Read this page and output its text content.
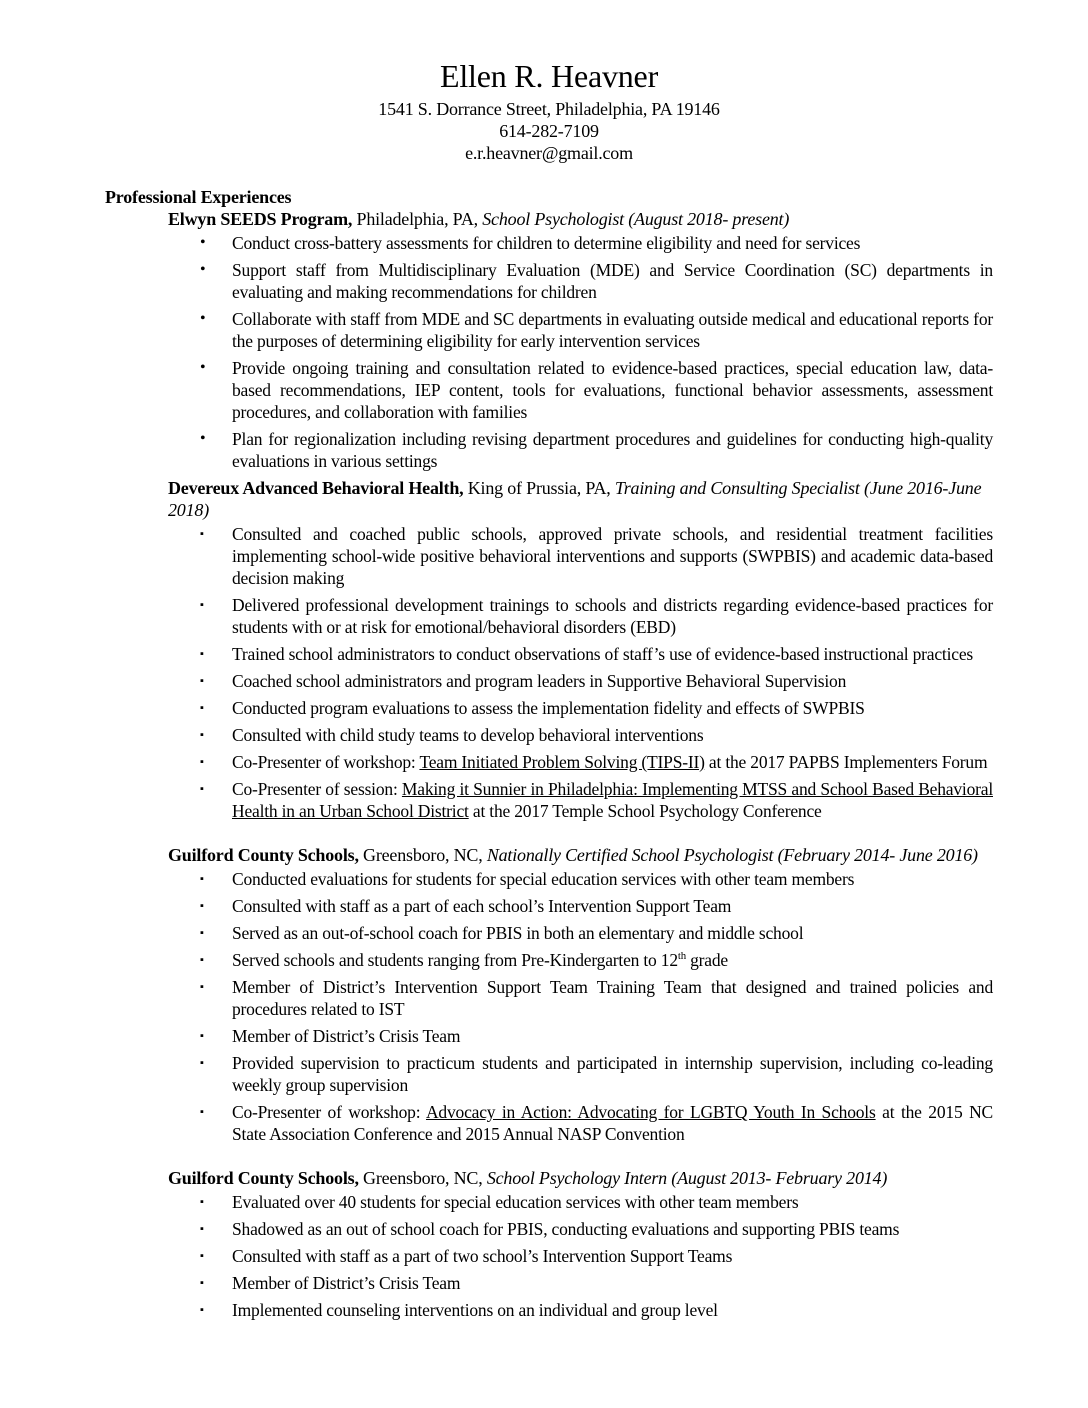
Ellen R. Heavner
1541 S. Dorrance Street, Philadelphia, PA 19146
614-282-7109
e.r.heavner@gmail.com
Professional Experiences
Elwyn SEEDS Program, Philadelphia, PA, School Psychologist (August 2018- present)
• Conduct cross-battery assessments for children to determine eligibility and need for services
• Support staff from Multidisciplinary Evaluation (MDE) and Service Coordination (SC) departments in evaluating and making recommendations for children
• Collaborate with staff from MDE and SC departments in evaluating outside medical and educational reports for the purposes of determining eligibility for early intervention services
• Provide ongoing training and consultation related to evidence-based practices, special education law, data-based recommendations, IEP content, tools for evaluations, functional behavior assessments, assessment procedures, and collaboration with families
• Plan for regionalization including revising department procedures and guidelines for conducting high-quality evaluations in various settings
Devereux Advanced Behavioral Health, King of Prussia, PA, Training and Consulting Specialist (June 2016-June 2018)
▪ Consulted and coached public schools, approved private schools, and residential treatment facilities implementing school-wide positive behavioral interventions and supports (SWPBIS) and academic data-based decision making
▪ Delivered professional development trainings to schools and districts regarding evidence-based practices for students with or at risk for emotional/behavioral disorders (EBD)
▪ Trained school administrators to conduct observations of staff’s use of evidence-based instructional practices
▪ Coached school administrators and program leaders in Supportive Behavioral Supervision
▪ Conducted program evaluations to assess the implementation fidelity and effects of SWPBIS
▪ Consulted with child study teams to develop behavioral interventions
▪ Co-Presenter of workshop: Team Initiated Problem Solving (TIPS-II) at the 2017 PAPBS Implementers Forum
▪ Co-Presenter of session: Making it Sunnier in Philadelphia: Implementing MTSS and School Based Behavioral Health in an Urban School District at the 2017 Temple School Psychology Conference
Guilford County Schools, Greensboro, NC, Nationally Certified School Psychologist (February 2014- June 2016)
▪ Conducted evaluations for students for special education services with other team members
▪ Consulted with staff as a part of each school’s Intervention Support Team
▪ Served as an out-of-school coach for PBIS in both an elementary and middle school
▪ Served schools and students ranging from Pre-Kindergarten to 12th grade
▪ Member of District’s Intervention Support Team Training Team that designed and trained policies and procedures related to IST
▪ Member of District’s Crisis Team
▪ Provided supervision to practicum students and participated in internship supervision, including co-leading weekly group supervision
▪ Co-Presenter of workshop: Advocacy in Action: Advocating for LGBTQ Youth In Schools at the 2015 NC State Association Conference and 2015 Annual NASP Convention
Guilford County Schools, Greensboro, NC, School Psychology Intern (August 2013- February 2014)
▪ Evaluated over 40 students for special education services with other team members
▪ Shadowed as an out of school coach for PBIS, conducting evaluations and supporting PBIS teams
▪ Consulted with staff as a part of two school’s Intervention Support Teams
▪ Member of District’s Crisis Team
▪ Implemented counseling interventions on an individual and group level
